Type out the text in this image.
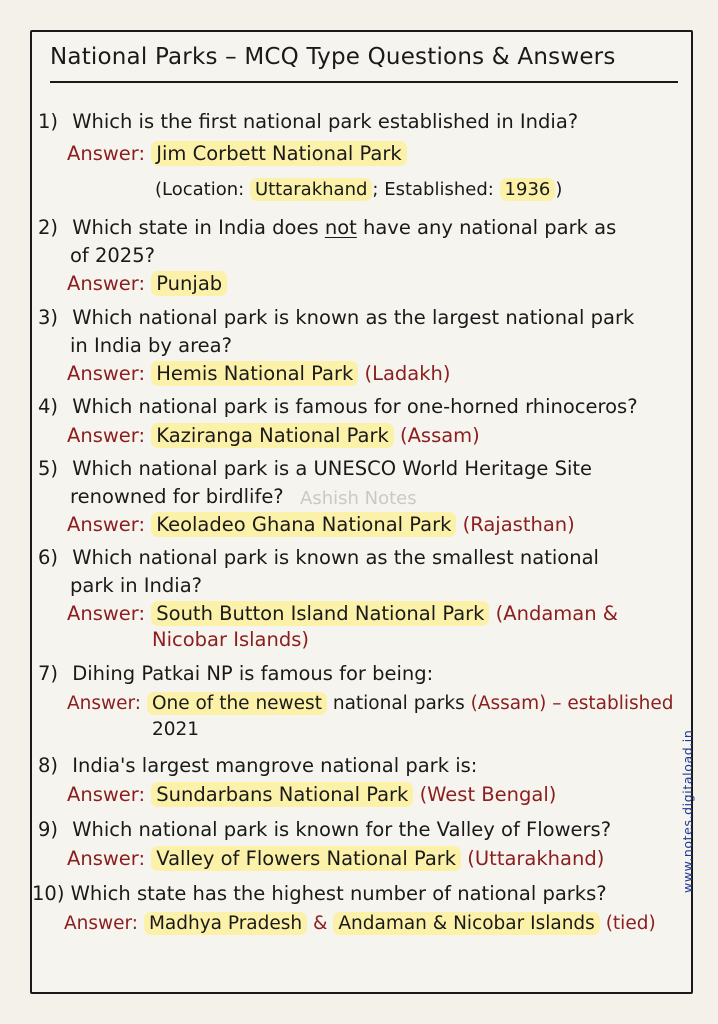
National Parks – MCQ Type Questions & Answers
Ashish Notes
1) Which is the first national park established in India?
Answer: Jim Corbett National Park
(Location: Uttarakhand ; Established: 1936 )
2) Which state in India does not have any national park as
of 2025?
Answer: Punjab
3) Which national park is known as the largest national park
in India by area?
Answer: Hemis National Park (Ladakh)
4) Which national park is famous for one-horned rhinoceros?
Answer: Kaziranga National Park (Assam)
5) Which national park is a UNESCO World Heritage Site
renowned for birdlife?
Answer: Keoladeo Ghana National Park (Rajasthan)
6) Which national park is known as the smallest national
park in India?
Answer: South Button Island National Park (Andaman &
Nicobar Islands)
7) Dihing Patkai NP is famous for being:
Answer: One of the newest national parks (Assam) – established
2021
8) India's largest mangrove national park is:
Answer: Sundarbans National Park (West Bengal)
9) Which national park is known for the Valley of Flowers?
Answer: Valley of Flowers National Park (Uttarakhand)
10) Which state has the highest number of national parks?
Answer: Madhya Pradesh & Andaman & Nicobar Islands (tied)
www.notes.digitaload.in
